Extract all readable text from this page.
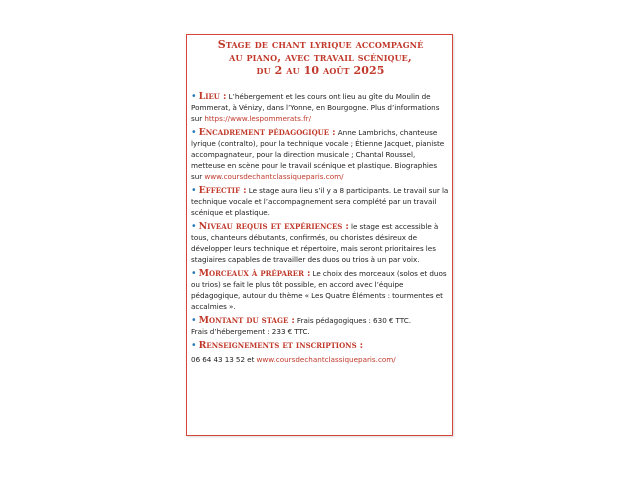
Stage de chant lyrique accompagné
au piano, avec travail scénique,
du 2 au 10 août 2025
• Lieu : L’hébergement et les cours ont lieu au gîte du Moulin de Pommerat, à Vénizy, dans l’Yonne, en Bourgogne. Plus d’informations sur https://www.lespommerats.fr/
• Encadrement pédagogique : Anne Lambrichs, chanteuse lyrique (contralto), pour la technique vocale ; Étienne Jacquet, pianiste accompagnateur, pour la direction musicale ; Chantal Roussel, metteuse en scène pour le travail scénique et plastique. Biographies sur www.coursdechantclassiqueparis.com/
• Effectif : Le stage aura lieu s’il y a 8 participants. Le travail sur la technique vocale et l’accompagnement sera complété par un travail scénique et plastique.
• Niveau requis et expériences : le stage est accessible à tous, chanteurs débutants, confirmés, ou choristes désireux de développer leurs technique et répertoire, mais seront prioritaires les stagiaires capables de travailler des duos ou trios à un par voix.
• Morceaux à préparer : Le choix des morceaux (solos et duos ou trios) se fait le plus tôt possible, en accord avec l’équipe pédagogique, autour du thème « Les Quatre Éléments : tourmentes et accalmies ».
• Montant du stage : Frais pédagogiques : 630 € TTC.
Frais d’hébergement : 233 € TTC.
• Renseignements et inscriptions :
06 64 43 13 52 et www.coursdechantclassiqueparis.com/
